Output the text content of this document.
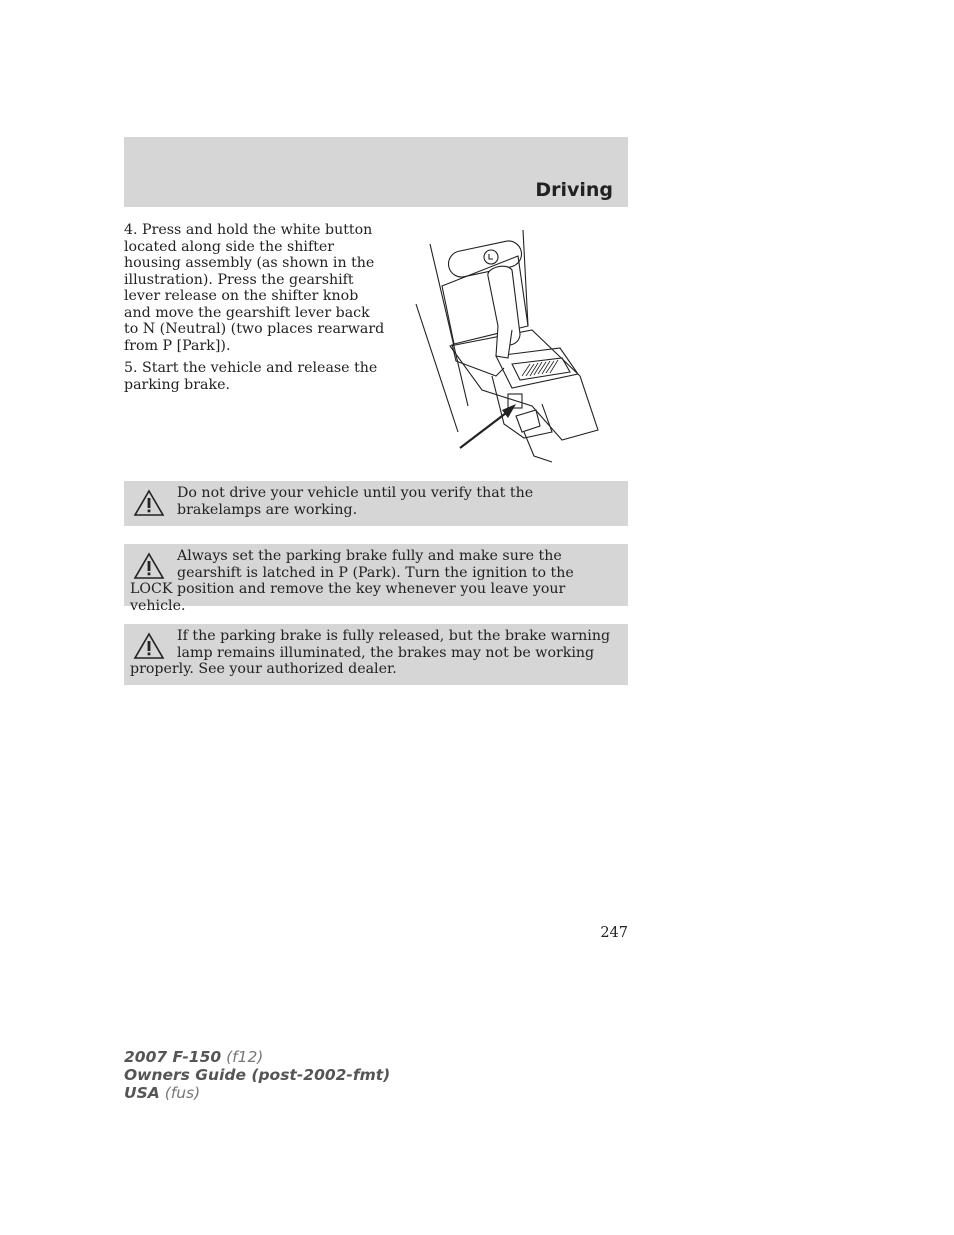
Driving

4. Press and hold the white button located along side the shifter housing assembly (as shown in the illustration). Press the gearshift lever release on the shifter knob and move the gearshift lever back to N (Neutral) (two places rearward from P [Park]).

5. Start the vehicle and release the parking brake.

Do not drive your vehicle until you verify that the brakelamps are working.
Always set the parking brake fully and make sure the gearshift is latched in P (Park). Turn the ignition to the LOCK position and remove the key whenever you leave your vehicle.
If the parking brake is fully released, but the brake warning lamp remains illuminated, the brakes may not be working properly. See your authorized dealer.
247
2007 F-150 (f12)
Owners Guide (post-2002-fmt)
USA (fus)
